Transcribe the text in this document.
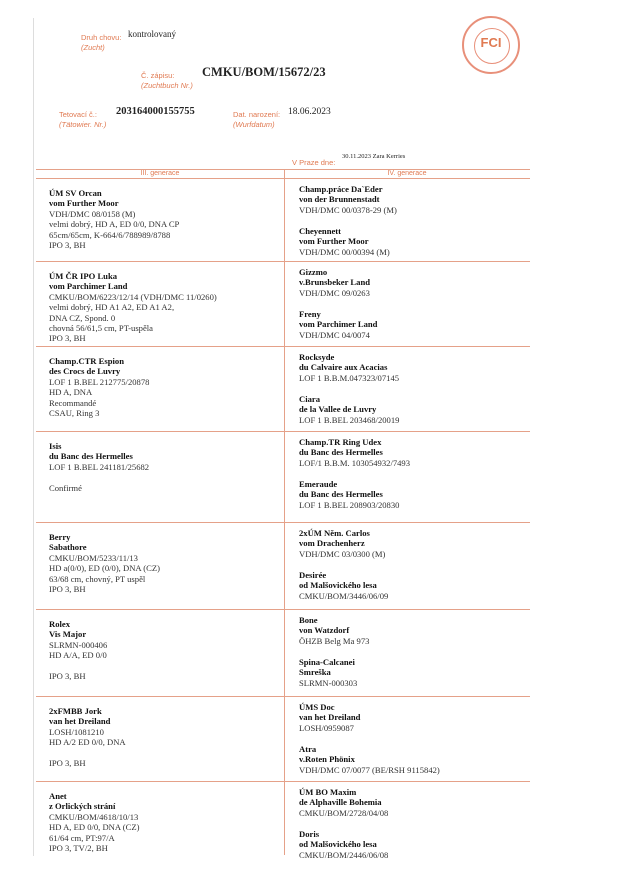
Druh chovu:
(Zucht)
kontrolovaný
Č. zápisu:
(Zuchtbuch Nr.)
CMKU/BOM/15672/23
Tetovací č.:
(Tätowier. Nr.)
203164000155755	Dat. narození:
(Wurfdatum)
18.06.2023
V Praze dne:
30.11.2023 Zara Kerries
FCI
III. generace	IV. generace
ÚM SV Orcan
vom Further Moor
VDH/DMC 08/0158 (M)
velmi dobrý, HD A, ED 0/0, DNA CP
65cm/65cm, K-664/6/788989/8788
IPO 3, BH
Champ.práce Da`Eder
von der Brunnenstadt
VDH/DMC 00/0378-29 (M)
Cheyennett
vom Further Moor
VDH/DMC 00/00394 (M)
ÚM ČR IPO Luka
vom Parchimer Land
CMKU/BOM/6223/12/14 (VDH/DMC 11/0260)
velmi dobrý, HD A1 A2, ED A1 A2,
DNA CZ, Spond. 0
chovná 56/61,5 cm, PT-uspěla
IPO 3, BH
Gizzmo
v.Brunsbeker Land
VDH/DMC 09/0263
Freny
vom Parchimer Land
VDH/DMC 04/0074
Champ.CTR Espion
des Crocs de Luvry
LOF 1 B.BEL 212775/20878
HD A, DNA
Recommandé
CSAU, Ring 3
Rocksyde
du Calvaire aux Acacias
LOF 1 B.B.M.047323/07145
Ciara
de la Vallee de Luvry
LOF 1 B.BEL 203468/20019
Isis
du Banc des Hermelles
LOF 1 B.BEL 241181/25682

Confirmé
Champ.TR Ring Udex
du Banc des Hermelles
LOF/1 B.B.M. 103054932/7493
Emeraude
du Banc des Hermelles
LOF 1 B.BEL 208903/20830
Berry
Sabathore
CMKU/BOM/5233/11/13
HD a(0/0), ED (0/0), DNA (CZ)
63/68 cm, chovný, PT uspěl
IPO 3, BH
2xÚM Něm. Carlos
vom Drachenherz
VDH/DMC 03/0300 (M)
Desirée
od Malšovického lesa
CMKU/BOM/3446/06/09
Rolex
Vis Major
SLRMN-000406
HD A/A, ED 0/0

IPO 3, BH
Bone
von Watzdorf
ÖHZB Belg Ma 973
Spina-Calcanei
Smreška
SLRMN-000303
2xFMBB Jork
van het Dreiland
LOSH/1081210
HD A/2 ED 0/0, DNA

IPO 3, BH
ÚMS Doc
van het Dreiland
LOSH/0959087
Atra
v.Roten Phönix
VDH/DMC 07/0077 (BE/RSH 9115842)
Anet
z Orlických strání
CMKU/BOM/4618/10/13
HD A, ED 0/0, DNA (CZ)
61/64 cm, PT:97/A
IPO 3, TV/2, BH
ÚM BO Maxim
de Alphaville Bohemia
CMKU/BOM/2728/04/08
Doris
od Malšovického lesa
CMKU/BOM/2446/06/08
